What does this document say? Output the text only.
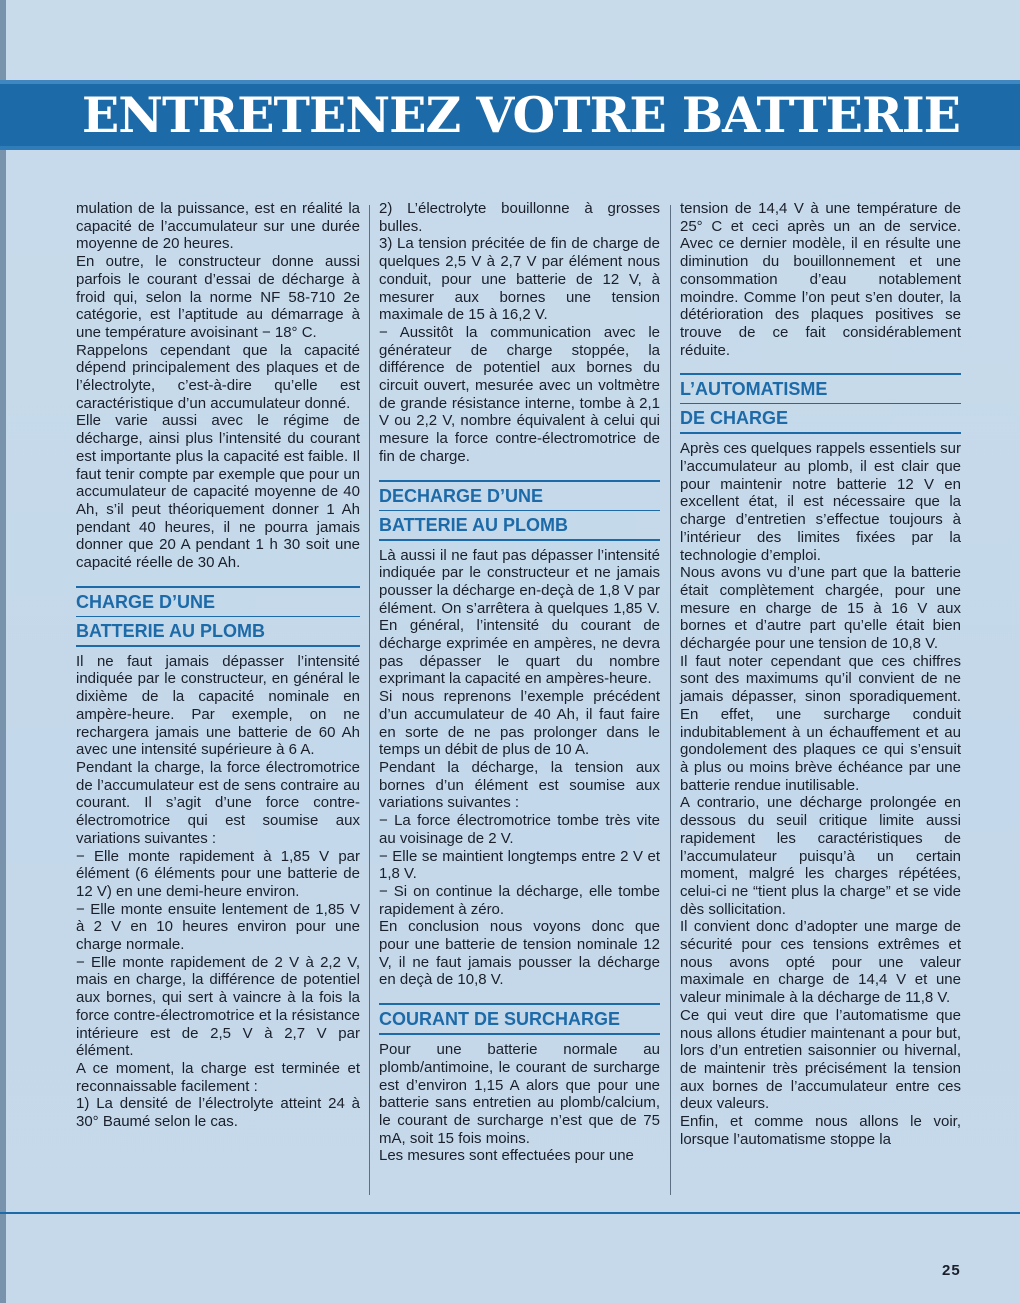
ENTRETENEZ VOTRE BATTERIE

mulation de la puissance, est en réalité la capacité de l’accumulateur sur une durée moyenne de 20 heures.

En outre, le constructeur donne aussi parfois le courant d’essai de décharge à froid qui, selon la norme NF 58-710 2e catégorie, est l’aptitude au démarrage à une température avoisinant − 18° C.

Rappelons cependant que la capacité dépend principalement des plaques et de l’électrolyte, c’est-à-dire qu’elle est caractéristique d’un accumulateur donné.

Elle varie aussi avec le régime de décharge, ainsi plus l’intensité du courant est importante plus la capacité est faible. Il faut tenir compte par exemple que pour un accumulateur de capacité moyenne de 40 Ah, s’il peut théoriquement donner 1 Ah pendant 40 heures, il ne pourra jamais donner que 20 A pendant 1 h 30 soit une capacité réelle de 30 Ah.

CHARGE D’UNE
BATTERIE AU PLOMB

Il ne faut jamais dépasser l’intensité indiquée par le constructeur, en général le dixième de la capacité nominale en ampère-heure. Par exemple, on ne rechargera jamais une batterie de 60 Ah avec une intensité supérieure à 6 A.

Pendant la charge, la force électromotrice de l’accumulateur est de sens contraire au courant. Il s’agit d’une force contre-électromotrice qui est soumise aux variations suivantes :

− Elle monte rapidement à 1,85 V par élément (6 éléments pour une batterie de 12 V) en une demi-heure environ.

− Elle monte ensuite lentement de 1,85 V à 2 V en 10 heures environ pour une charge normale.

− Elle monte rapidement de 2 V à 2,2 V, mais en charge, la différence de potentiel aux bornes, qui sert à vaincre à la fois la force contre-électromotrice et la résistance intérieure est de 2,5 V à 2,7 V par élément.

A ce moment, la charge est terminée et reconnaissable facilement :

1) La densité de l’électrolyte atteint 24 à 30° Baumé selon le cas.

2) L’électrolyte bouillonne à grosses bulles.

3) La tension précitée de fin de charge de quelques 2,5 V à 2,7 V par élément nous conduit, pour une batterie de 12 V, à mesurer aux bornes une tension maximale de 15 à 16,2 V.

− Aussitôt la communication avec le générateur de charge stoppée, la différence de potentiel aux bornes du circuit ouvert, mesurée avec un voltmètre de grande résistance interne, tombe à 2,1 V ou 2,2 V, nombre équivalent à celui qui mesure la force contre-électromotrice de fin de charge.

DECHARGE D’UNE
BATTERIE AU PLOMB

Là aussi il ne faut pas dépasser l’intensité indiquée par le constructeur et ne jamais pousser la décharge en-deçà de 1,8 V par élément. On s’arrêtera à quelques 1,85 V. En général, l’intensité du courant de décharge exprimée en ampères, ne devra pas dépasser le quart du nombre exprimant la capacité en ampères-heure.

Si nous reprenons l’exemple précédent d’un accumulateur de 40 Ah, il faut faire en sorte de ne pas prolonger dans le temps un débit de plus de 10 A.

Pendant la décharge, la tension aux bornes d’un élément est soumise aux variations suivantes :

− La force électromotrice tombe très vite au voisinage de 2 V.

− Elle se maintient longtemps entre 2 V et 1,8 V.

− Si on continue la décharge, elle tombe rapidement à zéro.

En conclusion nous voyons donc que pour une batterie de tension nominale 12 V, il ne faut jamais pousser la décharge en deçà de 10,8 V.

COURANT DE SURCHARGE

Pour une batterie normale au plomb/antimoine, le courant de surcharge est d’environ 1,15 A alors que pour une batterie sans entretien au plomb/calcium, le courant de surcharge n’est que de 75 mA, soit 15 fois moins.

Les mesures sont effectuées pour une

tension de 14,4 V à une température de 25° C et ceci après un an de service. Avec ce dernier modèle, il en résulte une diminution du bouillonnement et une consommation d’eau notablement moindre. Comme l’on peut s’en douter, la détérioration des plaques positives se trouve de ce fait considérablement réduite.

L’AUTOMATISME
DE CHARGE

Après ces quelques rappels essentiels sur l’accumulateur au plomb, il est clair que pour maintenir notre batterie 12 V en excellent état, il est nécessaire que la charge d’entretien s’effectue toujours à l’intérieur des limites fixées par la technologie d’emploi.

Nous avons vu d’une part que la batterie était complètement chargée, pour une mesure en charge de 15 à 16 V aux bornes et d’autre part qu’elle était bien déchargée pour une tension de 10,8 V.

Il faut noter cependant que ces chiffres sont des maximums qu’il convient de ne jamais dépasser, sinon sporadiquement. En effet, une surcharge conduit indubitablement à un échauffement et au gondolement des plaques ce qui s’ensuit à plus ou moins brève échéance par une batterie rendue inutilisable.

A contrario, une décharge prolongée en dessous du seuil critique limite aussi rapidement les caractéristiques de l’accumulateur puisqu’à un certain moment, malgré les charges répétées, celui-ci ne “tient plus la charge” et se vide dès sollicitation.

Il convient donc d’adopter une marge de sécurité pour ces tensions extrêmes et nous avons opté pour une valeur maximale en charge de 14,4 V et une valeur minimale à la décharge de 11,8 V.

Ce qui veut dire que l’automatisme que nous allons étudier maintenant a pour but, lors d’un entretien saisonnier ou hivernal, de maintenir très précisément la tension aux bornes de l’accumulateur entre ces deux valeurs.

Enfin, et comme nous allons le voir, lorsque l’automatisme stoppe la

25
